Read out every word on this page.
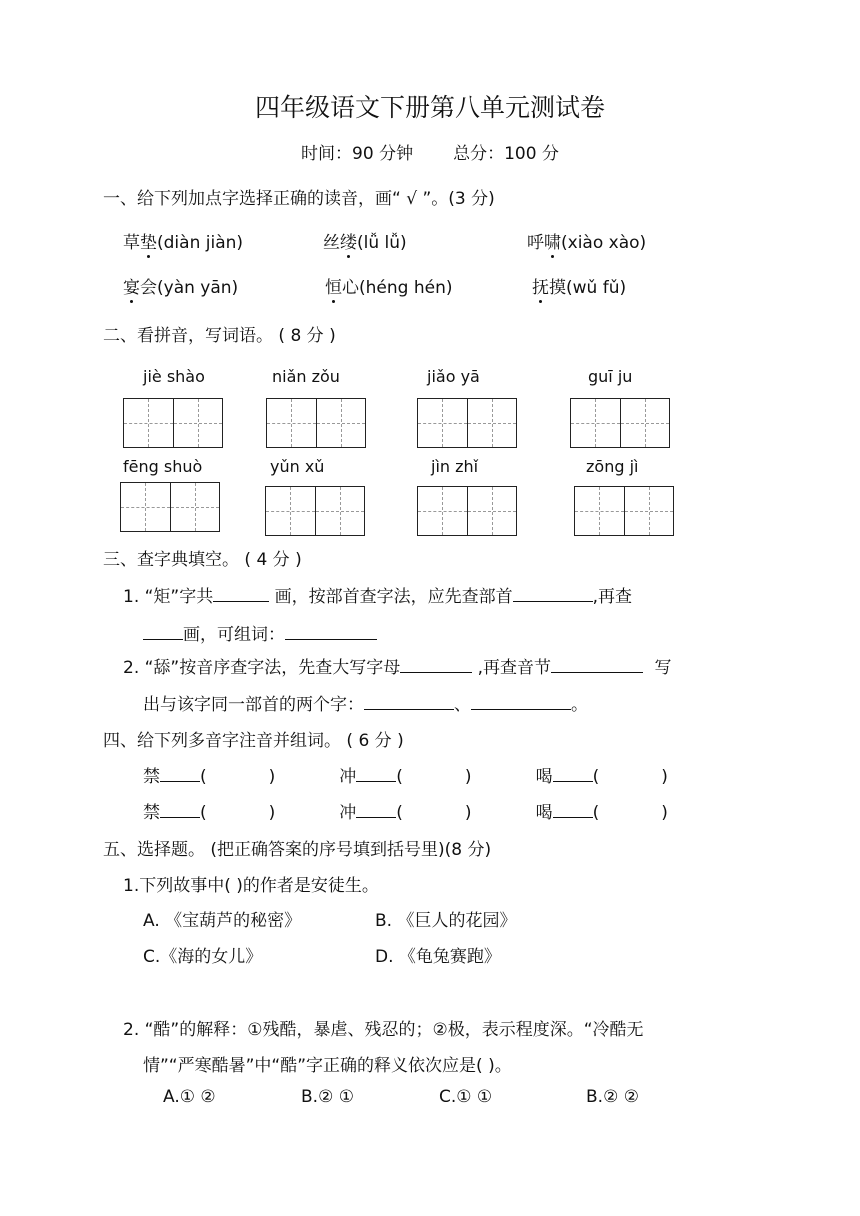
四年级语文下册第八单元测试卷
时间：90 分钟 总分：100 分
一、给下列加点字选择正确的读音，画“ √ ”。(3 分)
草垫(diàn jiàn)	丝缕(lǚ lǚ)	呼啸(xiào xào)
宴会(yàn yān)	恒心(héng hén)	抚摸(wǔ fǔ)
二、看拼音，写词语。 ( 8 分 )
jiè shào	niǎn zǒu	jiǎo yā	guī ju
fēng shuò	yǔn xǔ	jìn zhǐ	zōng jì
三、查字典填空。 ( 4 分 )
1. “矩”字共	画，按部首查字法，应先查部首	,再查
画，可组词：
2. “舔”按音序查字法，先查大写字母	,再查音节	写
出与该字同一部首的两个字：	、	。
四、给下列多音字注音并组词。 ( 6 分 )
禁 (	)	冲 (	)	喝 (	)
禁 (	)	冲 (	)	喝 (	)
五、选择题。 (把正确答案的序号填到括号里)(8 分)
1.下列故事中( )的作者是安徒生。
A. 《宝葫芦的秘密》	B. 《巨人的花园》
C.《海的女儿》	D. 《龟兔赛跑》
2. “酷”的解释：①残酷，暴虐、残忍的；②极，表示程度深。“冷酷无
情”“严寒酷暑”中“酷”字正确的释义依次应是( )。
A.① ②	B.② ①	C.① ①	B.② ②
